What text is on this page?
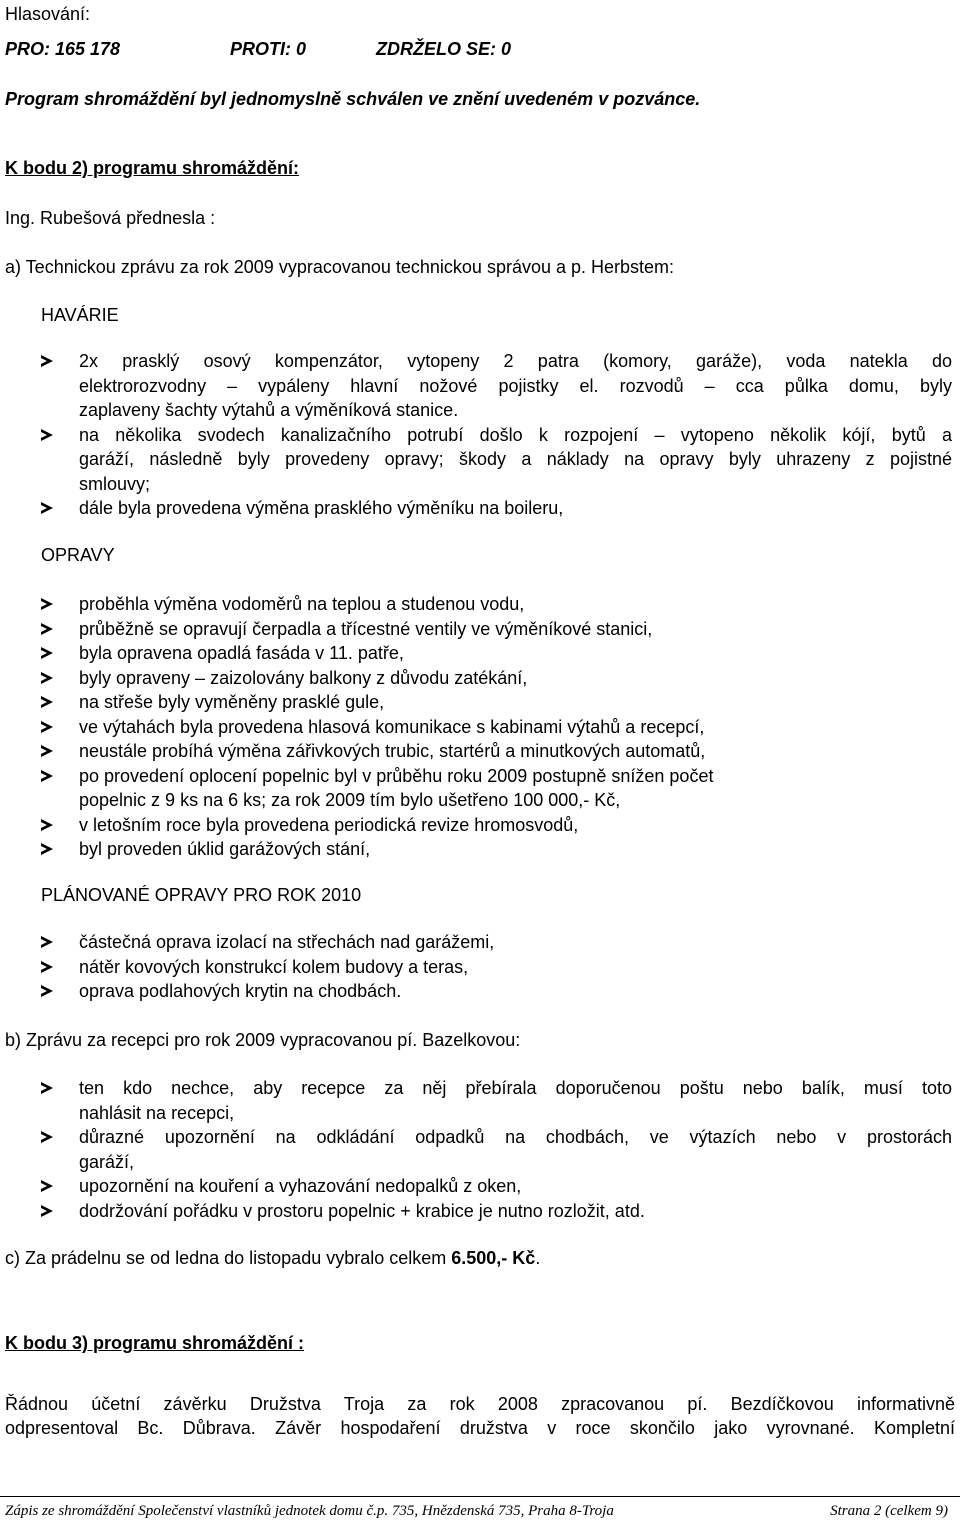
Hlasování:
PRO: 165 178	PROTI: 0	ZDRŽELO SE: 0
Program shromáždění byl jednomyslně schválen ve znění uvedeném v pozvánce.
K bodu 2) programu shromáždění:
Ing. Rubešová přednesla :
a) Technickou zprávu za rok 2009 vypracovanou technickou správou a p. Herbstem:
HAVÁRIE
2x prasklý osový kompenzátor, vytopeny 2 patra (komory, garáže), voda natekla do
elektrorozvodny – vypáleny hlavní nožové pojistky el. rozvodů – cca půlka domu, byly

zaplaveny šachty výtahů a výměníková stanice.
na několika svodech kanalizačního potrubí došlo k rozpojení – vytopeno několik kójí, bytů a
garáží, následně byly provedeny opravy; škody a náklady na opravy byly uhrazeny z pojistné

smlouvy;
dále byla provedena výměna prasklého výměníku na boileru,
OPRAVY
proběhla výměna vodoměrů na teplou a studenou vodu,
průběžně se opravují čerpadla a třícestné ventily ve výměníkové stanici,
byla opravena opadlá fasáda v 11. patře,
byly opraveny – zaizolovány balkony z důvodu zatékání,
na střeše byly vyměněny prasklé gule,
ve výtahách byla provedena hlasová komunikace s kabinami výtahů a recepcí,
neustále probíhá výměna zářivkových trubic, startérů a minutkových automatů,
po provedení oplocení popelnic byl v průběhu roku 2009 postupně snížen počet
popelnic z 9 ks na 6 ks; za rok 2009 tím bylo ušetřeno 100 000,- Kč,
v letošním roce byla provedena periodická revize hromosvodů,
byl proveden úklid garážových stání,
PLÁNOVANÉ OPRAVY PRO ROK 2010
částečná oprava izolací na střechách nad garážemi,
nátěr kovových konstrukcí kolem budovy a teras,
oprava podlahových krytin na chodbách.
b) Zprávu za recepci pro rok 2009 vypracovanou pí. Bazelkovou:
ten kdo nechce, aby recepce za něj přebírala doporučenou poštu nebo balík, musí toto

nahlásit na recepci,
důrazné upozornění na odkládání odpadků na chodbách, ve výtazích nebo v prostorách

garáží,
upozornění na kouření a vyhazování nedopalků z oken,
dodržování pořádku v prostoru popelnic + krabice je nutno rozložit, atd.
c) Za prádelnu se od ledna do listopadu vybralo celkem 6.500,- Kč.
K bodu 3) programu shromáždění :
Řádnou účetní závěrku Družstva Troja za rok 2008 zpracovanou pí. Bezdíčkovou informativně
odpresentoval Bc. Důbrava. Závěr hospodaření družstva v roce skončilo jako vyrovnané. Kompletní
Zápis ze shromáždění Společenství vlastníků jednotek domu č.p. 735, Hnězdenská 735, Praha 8-Troja	Strana 2 (celkem 9)
